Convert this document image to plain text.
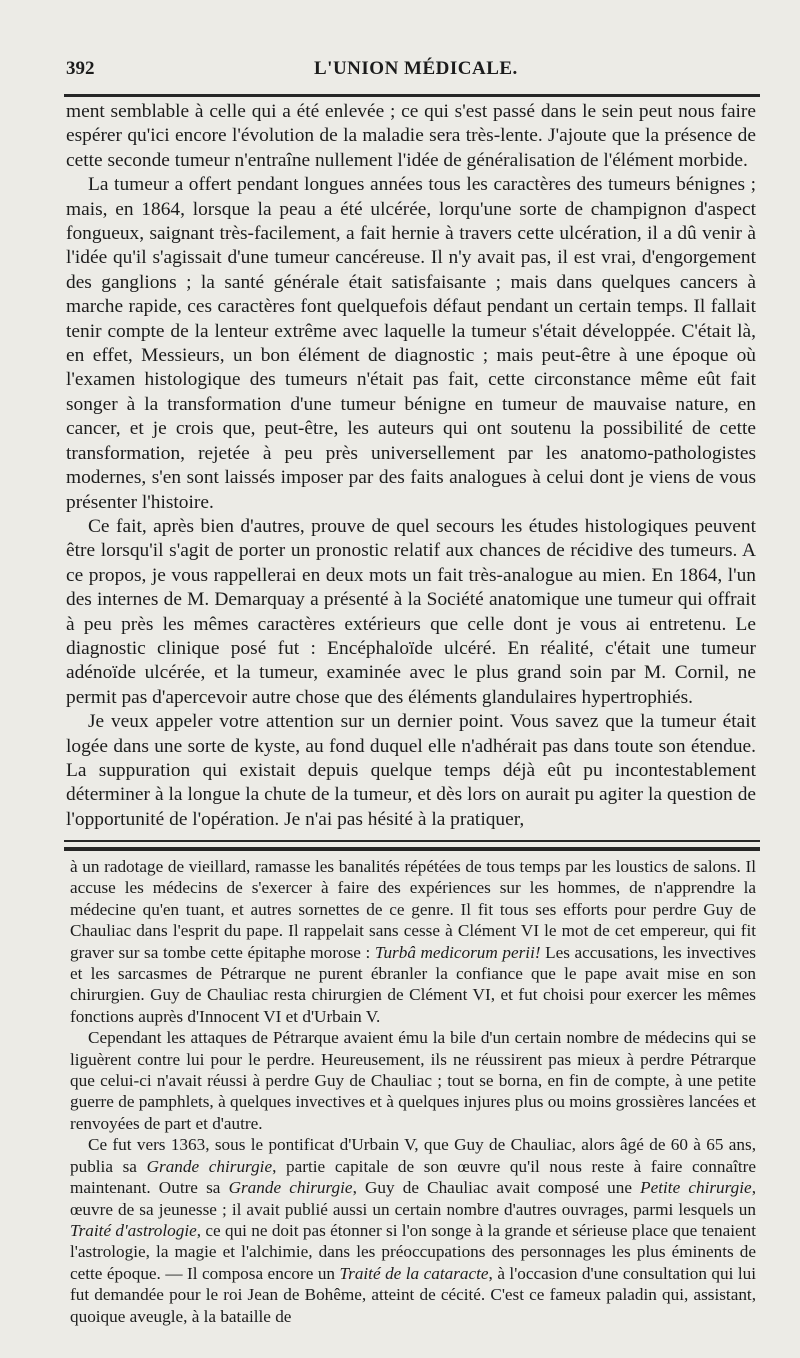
392	L'UNION MÉDICALE.

ment semblable à celle qui a été enlevée ; ce qui s'est passé dans le sein peut nous faire espérer qu'ici encore l'évolution de la maladie sera très-lente. J'ajoute que la présence de cette seconde tumeur n'entraîne nullement l'idée de généralisation de l'élément morbide.

La tumeur a offert pendant longues années tous les caractères des tumeurs bénignes ; mais, en 1864, lorsque la peau a été ulcérée, lorqu'une sorte de champignon d'aspect fongueux, saignant très-facilement, a fait hernie à travers cette ulcération, il a dû venir à l'idée qu'il s'agissait d'une tumeur cancéreuse. Il n'y avait pas, il est vrai, d'engorgement des ganglions ; la santé générale était satisfaisante ; mais dans quelques cancers à marche rapide, ces caractères font quelquefois défaut pendant un certain temps. Il fallait tenir compte de la lenteur extrême avec laquelle la tumeur s'était développée. C'était là, en effet, Messieurs, un bon élément de diagnostic ; mais peut-être à une époque où l'examen histologique des tumeurs n'était pas fait, cette circonstance même eût fait songer à la transformation d'une tumeur bénigne en tumeur de mauvaise nature, en cancer, et je crois que, peut-être, les auteurs qui ont soutenu la possibilité de cette transformation, rejetée à peu près universellement par les anatomo-pathologistes modernes, s'en sont laissés imposer par des faits analogues à celui dont je viens de vous présenter l'histoire.

Ce fait, après bien d'autres, prouve de quel secours les études histologiques peuvent être lorsqu'il s'agit de porter un pronostic relatif aux chances de récidive des tumeurs. A ce propos, je vous rappellerai en deux mots un fait très-analogue au mien. En 1864, l'un des internes de M. Demarquay a présenté à la Société anatomique une tumeur qui offrait à peu près les mêmes caractères extérieurs que celle dont je vous ai entretenu. Le diagnostic clinique posé fut : Encéphaloïde ulcéré. En réalité, c'était une tumeur adénoïde ulcérée, et la tumeur, examinée avec le plus grand soin par M. Cornil, ne permit pas d'apercevoir autre chose que des éléments glandulaires hypertrophiés.

Je veux appeler votre attention sur un dernier point. Vous savez que la tumeur était logée dans une sorte de kyste, au fond duquel elle n'adhérait pas dans toute son étendue. La suppuration qui existait depuis quelque temps déjà eût pu incontestablement déterminer à la longue la chute de la tumeur, et dès lors on aurait pu agiter la question de l'opportunité de l'opération. Je n'ai pas hésité à la pratiquer,

à un radotage de vieillard, ramasse les banalités répétées de tous temps par les loustics de salons. Il accuse les médecins de s'exercer à faire des expériences sur les hommes, de n'apprendre la médecine qu'en tuant, et autres sornettes de ce genre. Il fit tous ses efforts pour perdre Guy de Chauliac dans l'esprit du pape. Il rappelait sans cesse à Clément VI le mot de cet empereur, qui fit graver sur sa tombe cette épitaphe morose : Turbâ medicorum perii! Les accusations, les invectives et les sarcasmes de Pétrarque ne purent ébranler la confiance que le pape avait mise en son chirurgien. Guy de Chauliac resta chirurgien de Clément VI, et fut choisi pour exercer les mêmes fonctions auprès d'Innocent VI et d'Urbain V.

Cependant les attaques de Pétrarque avaient ému la bile d'un certain nombre de médecins qui se liguèrent contre lui pour le perdre. Heureusement, ils ne réussirent pas mieux à perdre Pétrarque que celui-ci n'avait réussi à perdre Guy de Chauliac ; tout se borna, en fin de compte, à une petite guerre de pamphlets, à quelques invectives et à quelques injures plus ou moins grossières lancées et renvoyées de part et d'autre.

Ce fut vers 1363, sous le pontificat d'Urbain V, que Guy de Chauliac, alors âgé de 60 à 65 ans, publia sa Grande chirurgie, partie capitale de son œuvre qu'il nous reste à faire connaître maintenant. Outre sa Grande chirurgie, Guy de Chauliac avait composé une Petite chirurgie, œuvre de sa jeunesse ; il avait publié aussi un certain nombre d'autres ouvrages, parmi lesquels un Traité d'astrologie, ce qui ne doit pas étonner si l'on songe à la grande et sérieuse place que tenaient l'astrologie, la magie et l'alchimie, dans les préoccupations des personnages les plus éminents de cette époque. — Il composa encore un Traité de la cataracte, à l'occasion d'une consultation qui lui fut demandée pour le roi Jean de Bohême, atteint de cécité. C'est ce fameux paladin qui, assistant, quoique aveugle, à la bataille de
